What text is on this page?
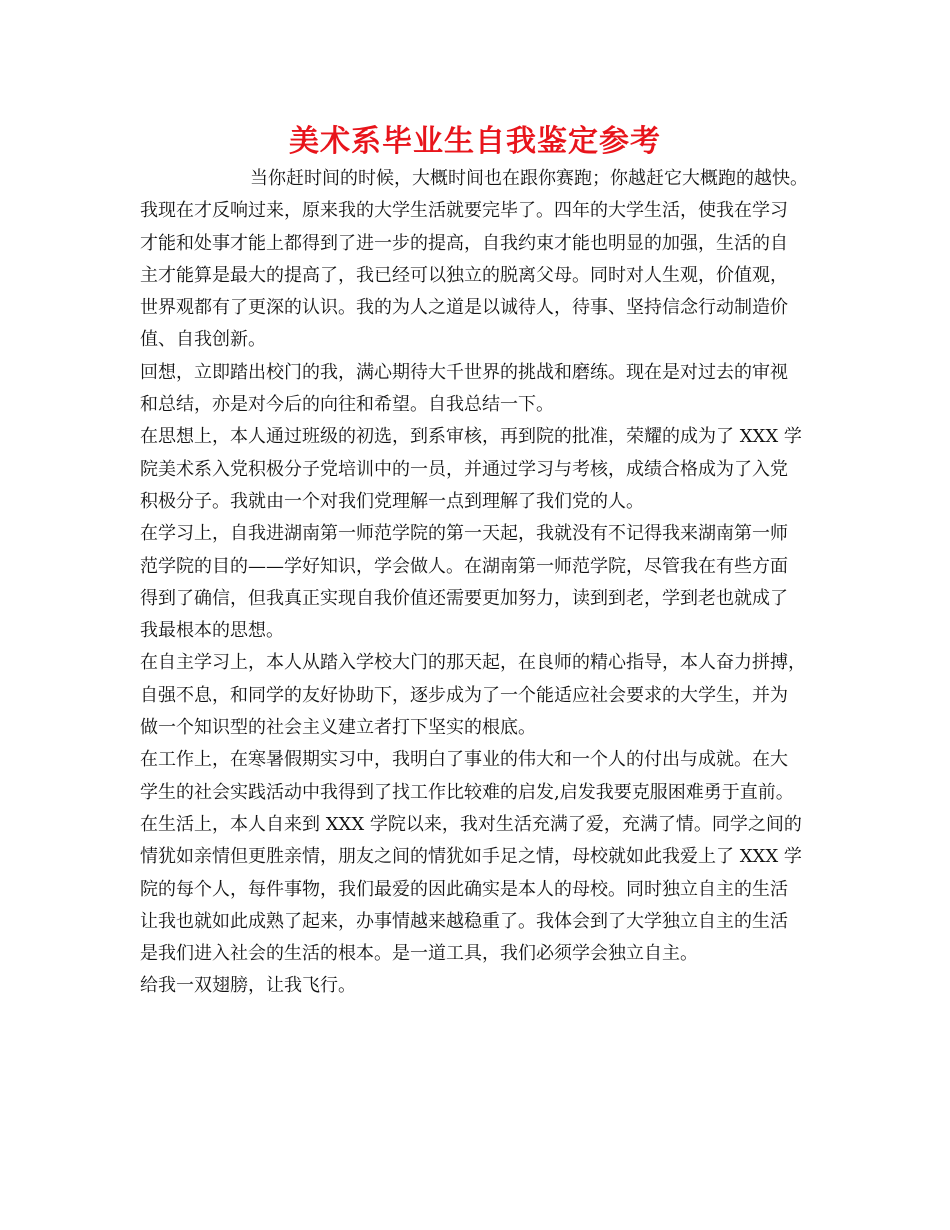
美术系毕业生自我鉴定参考
当你赶时间的时候，大概时间也在跟你赛跑；你越赶它大概跑的越快。
我现在才反响过来，原来我的大学生活就要完毕了。四年的大学生活，使我在学习
才能和处事才能上都得到了进一步的提高，自我约束才能也明显的加强，生活的自
主才能算是最大的提高了，我已经可以独立的脱离父母。同时对人生观，价值观，
世界观都有了更深的认识。我的为人之道是以诚待人，待事、坚持信念行动制造价
值、自我创新。
回想，立即踏出校门的我，满心期待大千世界的挑战和磨练。现在是对过去的审视
和总结，亦是对今后的向往和希望。自我总结一下。
在思想上，本人通过班级的初选，到系审核，再到院的批准，荣耀的成为了 XXX 学
院美术系入党积极分子党培训中的一员，并通过学习与考核，成绩合格成为了入党
积极分子。我就由一个对我们党理解一点到理解了我们党的人。
在学习上，自我进湖南第一师范学院的第一天起，我就没有不记得我来湖南第一师
范学院的目的——学好知识，学会做人。在湖南第一师范学院，尽管我在有些方面
得到了确信，但我真正实现自我价值还需要更加努力，读到到老，学到老也就成了
我最根本的思想。
在自主学习上，本人从踏入学校大门的那天起，在良师的精心指导，本人奋力拼搏，
自强不息，和同学的友好协助下，逐步成为了一个能适应社会要求的大学生，并为
做一个知识型的社会主义建立者打下坚实的根底。
在工作上，在寒暑假期实习中，我明白了事业的伟大和一个人的付出与成就。在大
学生的社会实践活动中我得到了找工作比较难的启发,启发我要克服困难勇于直前。
在生活上，本人自来到 XXX 学院以来，我对生活充满了爱，充满了情。同学之间的
情犹如亲情但更胜亲情，朋友之间的情犹如手足之情，母校就如此我爱上了 XXX 学
院的每个人，每件事物，我们最爱的因此确实是本人的母校。同时独立自主的生活
让我也就如此成熟了起来，办事情越来越稳重了。我体会到了大学独立自主的生活
是我们进入社会的生活的根本。是一道工具，我们必须学会独立自主。
给我一双翅膀，让我飞行。
